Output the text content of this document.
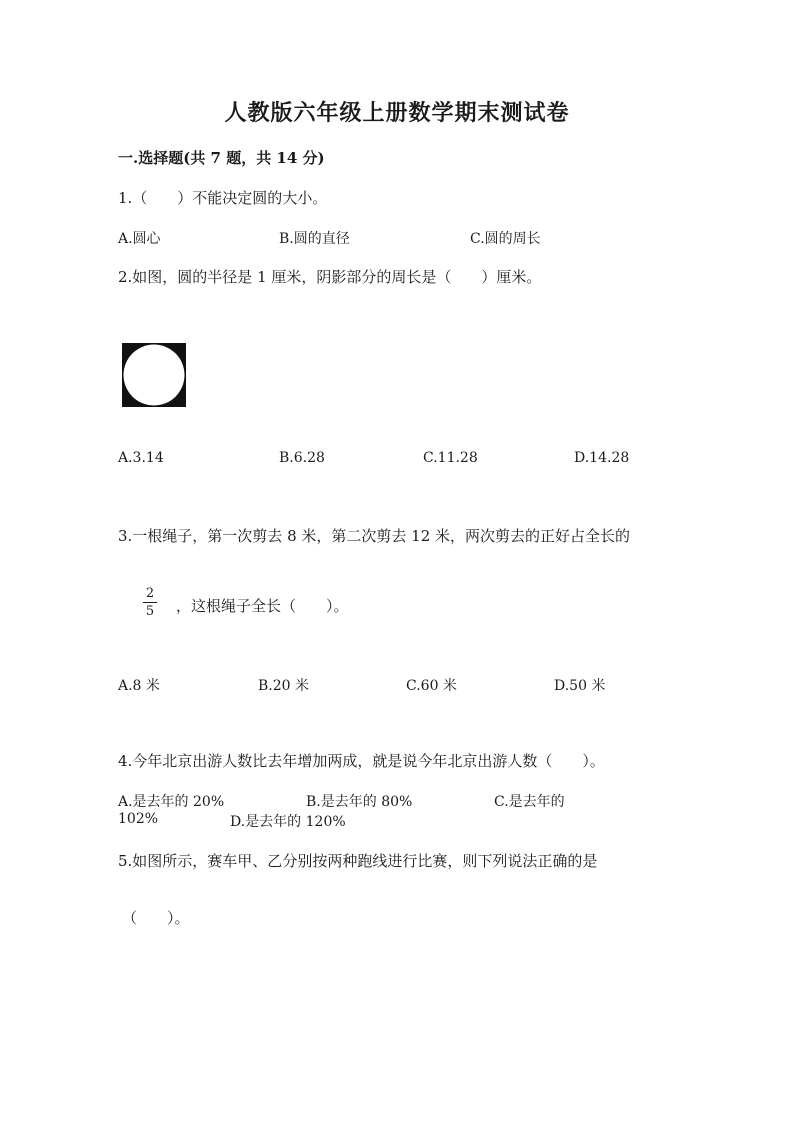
人教版六年级上册数学期末测试卷
一.选择题(共 7 题，共 14 分)
1.（　　）不能决定圆的大小。
A.圆心	B.圆的直径	C.圆的周长
2.如图，圆的半径是 1 厘米，阴影部分的周长是（　　）厘米。
A.3.14	B.6.28	C.11.28	D.14.28
3.一根绳子，第一次剪去 8 米，第二次剪去 12 米，两次剪去的正好占全长的
2
5 ，这根绳子全长（　　）。
A.8 米	B.20 米	C.60 米	D.50 米
4.今年北京出游人数比去年增加两成，就是说今年北京出游人数（　　）。
A.是去年的 20%	B.是去年的 80%	C.是去年的
102%	D.是去年的 120%
5.如图所示，赛车甲、乙分别按两种跑线进行比赛，则下列说法正确的是
（　　）。
